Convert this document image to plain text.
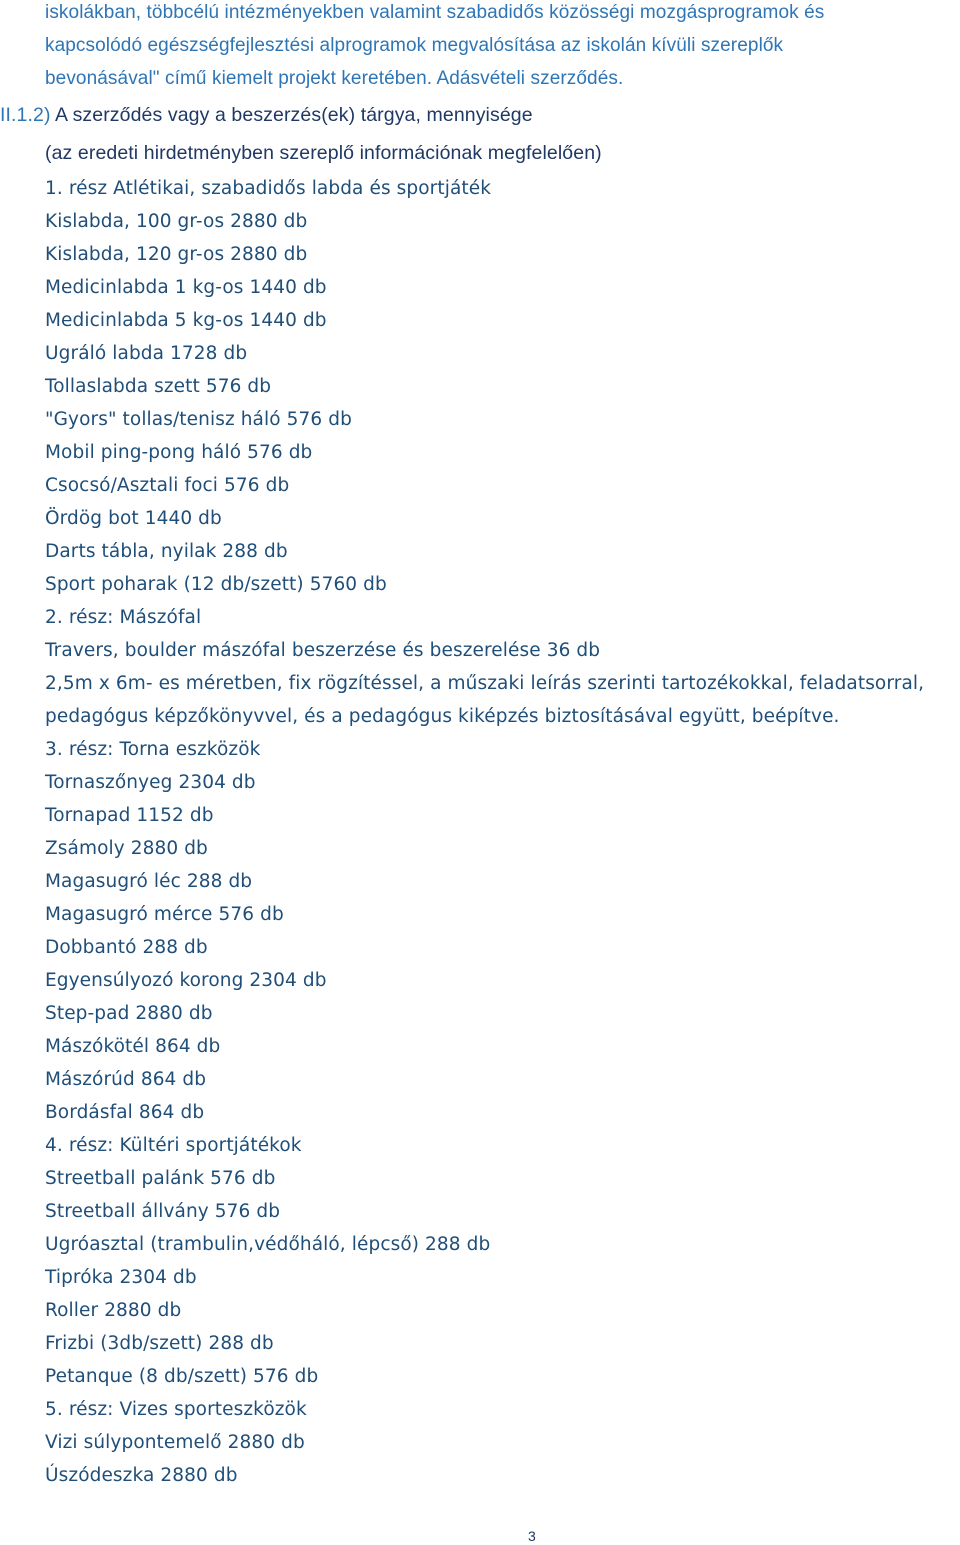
iskolákban, többcélú intézményekben valamint szabadidős közösségi mozgásprogramok és
kapcsolódó egészségfejlesztési alprogramok megvalósítása az iskolán kívüli szereplők
bevonásával" című kiemelt projekt keretében. Adásvételi szerződés.
II.1.2) A szerződés vagy a beszerzés(ek) tárgya, mennyisége
(az eredeti hirdetményben szereplő információnak megfelelően)
1. rész Atlétikai, szabadidős labda és sportjáték
Kislabda, 100 gr-os 2880 db
Kislabda, 120 gr-os 2880 db
Medicinlabda 1 kg-os 1440 db
Medicinlabda 5 kg-os 1440 db
Ugráló labda 1728 db
Tollaslabda szett 576 db
"Gyors" tollas/tenisz háló 576 db
Mobil ping-pong háló 576 db
Csocsó/Asztali foci 576 db
Ördög bot 1440 db
Darts tábla, nyilak 288 db
Sport poharak (12 db/szett) 5760 db
2. rész: Mászófal
Travers, boulder mászófal beszerzése és beszerelése 36 db
2,5m x 6m- es méretben, fix rögzítéssel, a műszaki leírás szerinti tartozékokkal, feladatsorral,
pedagógus képzőkönyvvel, és a pedagógus kiképzés biztosításával együtt, beépítve.
3. rész: Torna eszközök
Tornaszőnyeg 2304 db
Tornapad 1152 db
Zsámoly 2880 db
Magasugró léc 288 db
Magasugró mérce 576 db
Dobbantó 288 db
Egyensúlyozó korong 2304 db
Step-pad 2880 db
Mászókötél 864 db
Mászórúd 864 db
Bordásfal 864 db
4. rész: Kültéri sportjátékok
Streetball palánk 576 db
Streetball állvány 576 db
Ugróasztal (trambulin,védőháló, lépcső) 288 db
Tipróka 2304 db
Roller 2880 db
Frizbi (3db/szett) 288 db
Petanque (8 db/szett) 576 db
5. rész: Vizes sporteszközök
Vizi súlypontemelő 2880 db
Úszódeszka 2880 db
3
